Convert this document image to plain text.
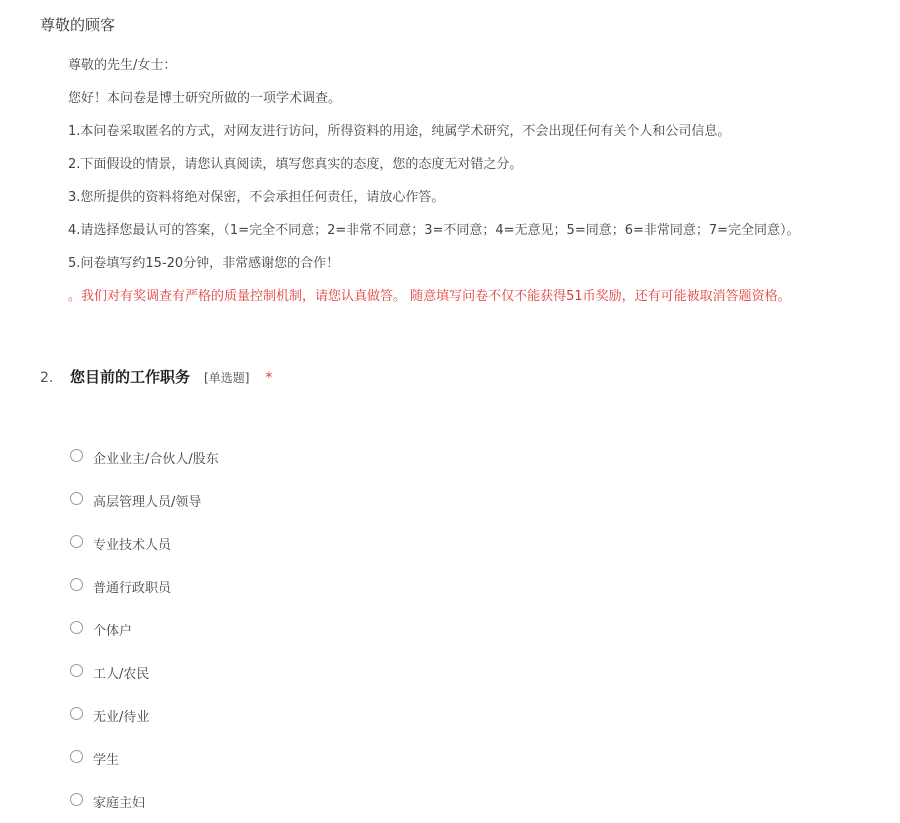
尊敬的顾客
尊敬的先生/女士：
您好！本问卷是博士研究所做的一项学术调查。
1.本问卷采取匿名的方式，对网友进行访问，所得资料的用途，纯属学术研究，不会出现任何有关个人和公司信息。
2.下面假设的情景，请您认真阅读，填写您真实的态度，您的态度无对错之分。
3.您所提供的资料将绝对保密，不会承担任何责任，请放心作答。
4.请选择您最认可的答案，（1=完全不同意；2=非常不同意；3=不同意；4=无意见；5=同意；6=非常同意；7=完全同意）。
5.问卷填写约15-20分钟，非常感谢您的合作！
。我们对有奖调查有严格的质量控制机制，请您认真做答。 随意填写问卷不仅不能获得51币奖励，还有可能被取消答题资格。
2.	您目前的工作职务 [单选题] *
企业业主/合伙人/股东
高层管理人员/领导
专业技术人员
普通行政职员
个体户
工人/农民
无业/待业
学生
家庭主妇
